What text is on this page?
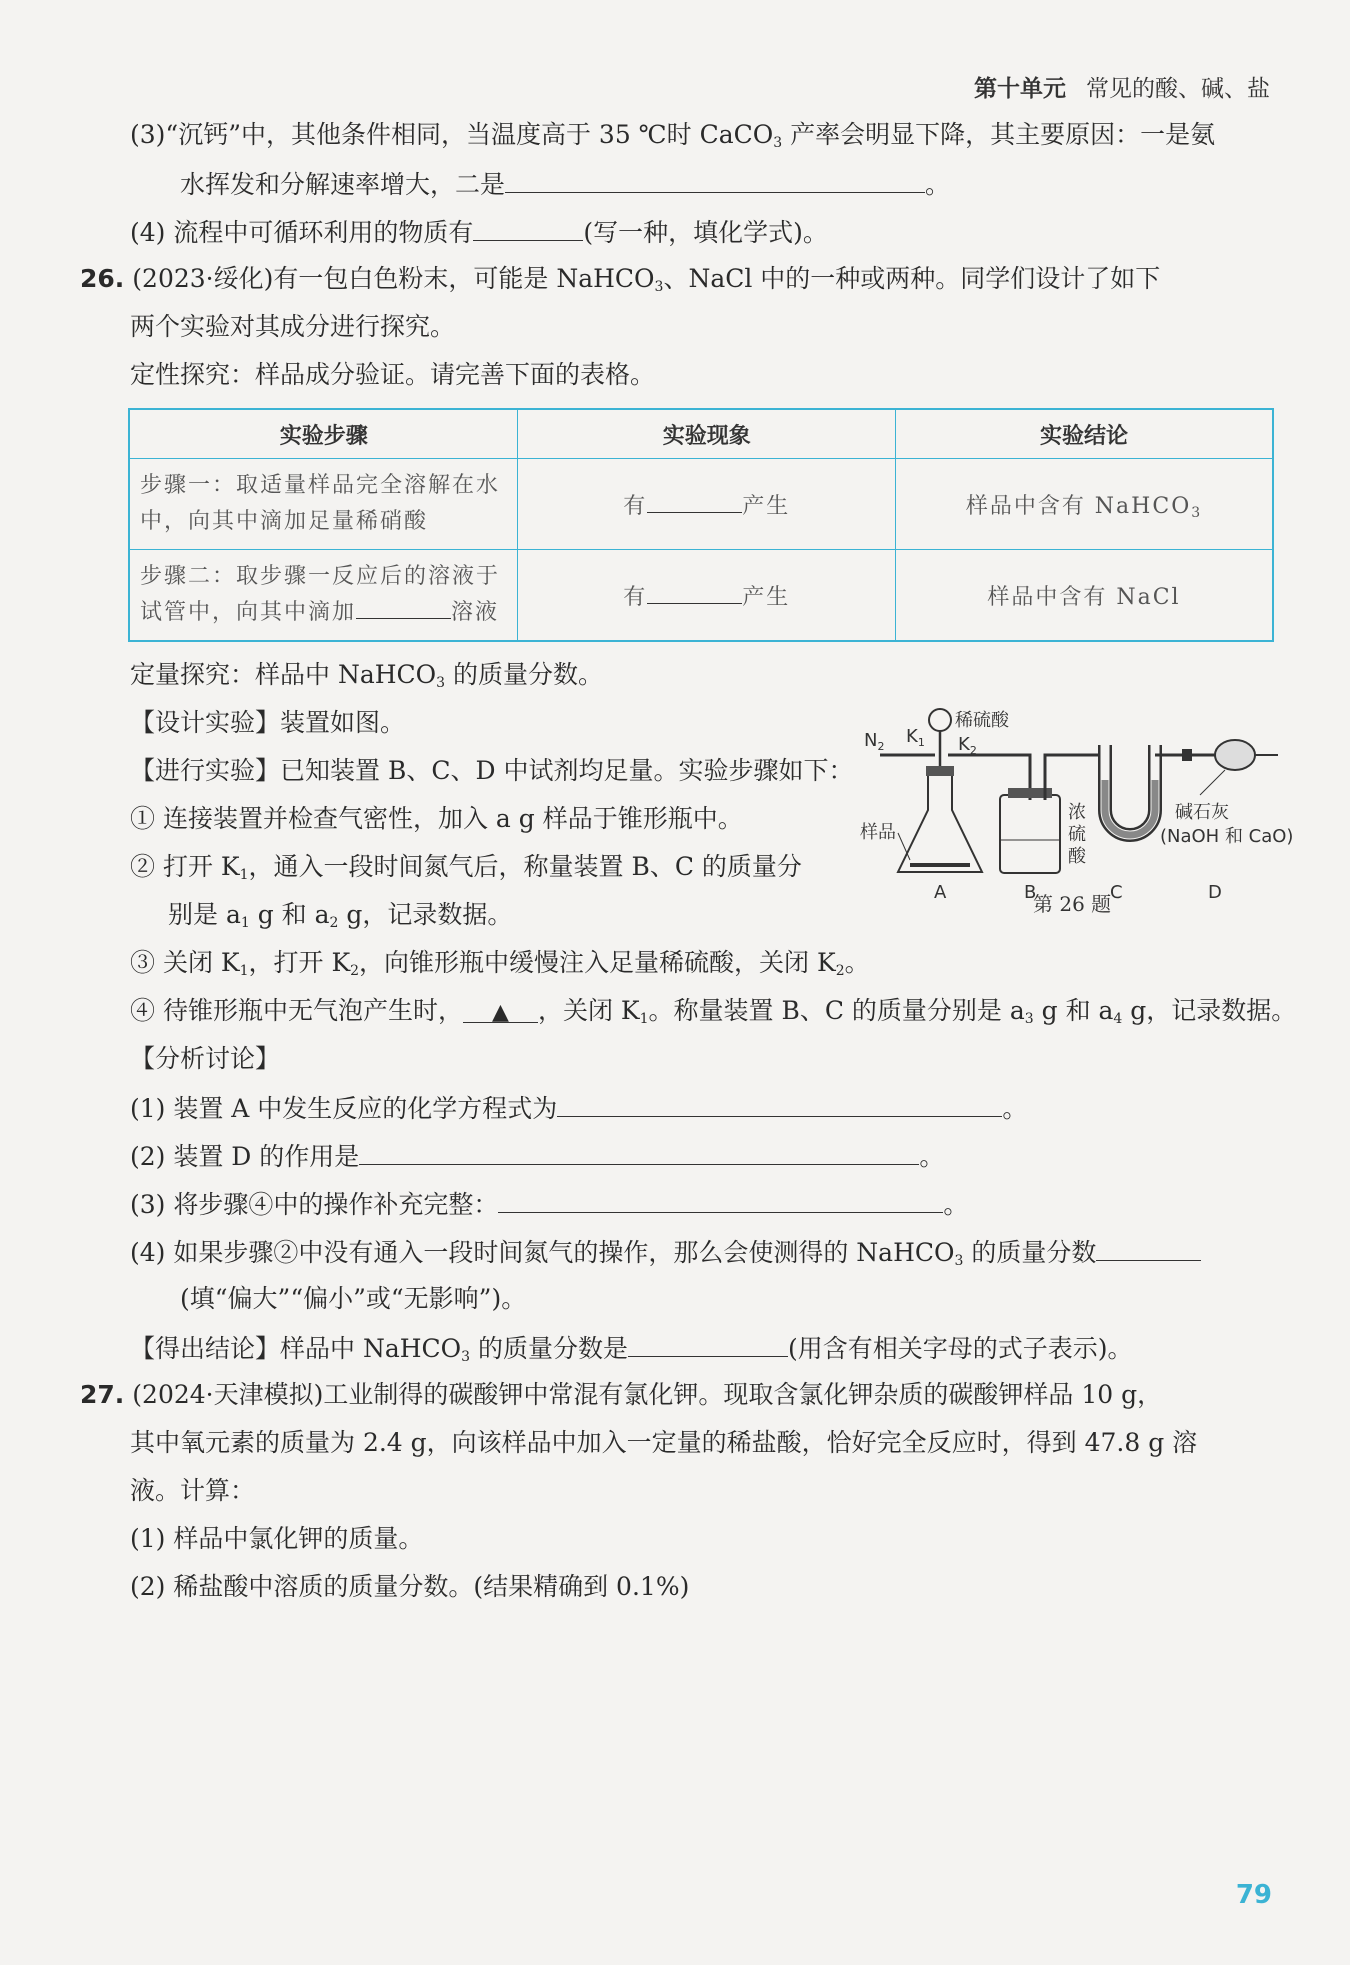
第十单元 常见的酸、碱、盐
(3)“沉钙”中，其他条件相同，当温度高于 35 ℃时 CaCO$_3$ 产率会明显下降，其主要原因：一是氨
水挥发和分解速率增大，二是	。
(4) 流程中可循环利用的物质有	(写一种，填化学式)。
26. (2023·绥化)有一包白色粉末，可能是 NaHCO$_3$、NaCl 中的一种或两种。同学们设计了如下
两个实验对其成分进行探究。
定性探究：样品成分验证。请完善下面的表格。
实验步骤	实验现象	实验结论
步骤一：取适量样品完全溶解在水
中，向其中滴加足量稀硝酸	有 产生	样品中含有 NaHCO$_3$
步骤二：取步骤一反应后的溶液于
试管中，向其中滴加 溶液	有 产生	样品中含有 NaCl
定量探究：样品中 NaHCO$_3$ 的质量分数。
【设计实验】装置如图。
【进行实验】已知装置 B、C、D 中试剂均足量。实验步骤如下：
① 连接装置并检查气密性，加入 a g 样品于锥形瓶中。
② 打开 $K_1$，通入一段时间氮气后，称量装置 B、C 的质量分
别是 $a_1$ g 和 $a_2$ g，记录数据。
③ 关闭 $K_1$，打开 $K_2$，向锥形瓶中缓慢注入足量稀硫酸，关闭 $K_2$。
④ 待锥形瓶中无气泡产生时， ▲ ，关闭 $K_1$。称量装置 B、C 的质量分别是 $a_3$ g 和 $a_4$ g，记录数据。
【分析讨论】
(1) 装置 A 中发生反应的化学方程式为	。
(2) 装置 D 的作用是	。
(3) 将步骤④中的操作补充完整：	。
(4) 如果步骤②中没有通入一段时间氮气的操作，那么会使测得的 NaHCO$_3$ 的质量分数
(填“偏大”“偏小”或“无影响”)。
【得出结论】样品中 NaHCO$_3$ 的质量分数是	(用含有相关字母的式子表示)。
$N_2$ $K_1$
稀硫酸
$K_2$
样品
浓
硫
酸
碱石灰
(NaOH 和 CaO)
A	B	C	D
第 26 题
27. (2024·天津模拟)工业制得的碳酸钾中常混有氯化钾。现取含氯化钾杂质的碳酸钾样品 10 g，
其中氧元素的质量为 2.4 g，向该样品中加入一定量的稀盐酸，恰好完全反应时，得到 47.8 g 溶
液。计算：
(1) 样品中氯化钾的质量。
(2) 稀盐酸中溶质的质量分数。(结果精确到 0.1%)
79
